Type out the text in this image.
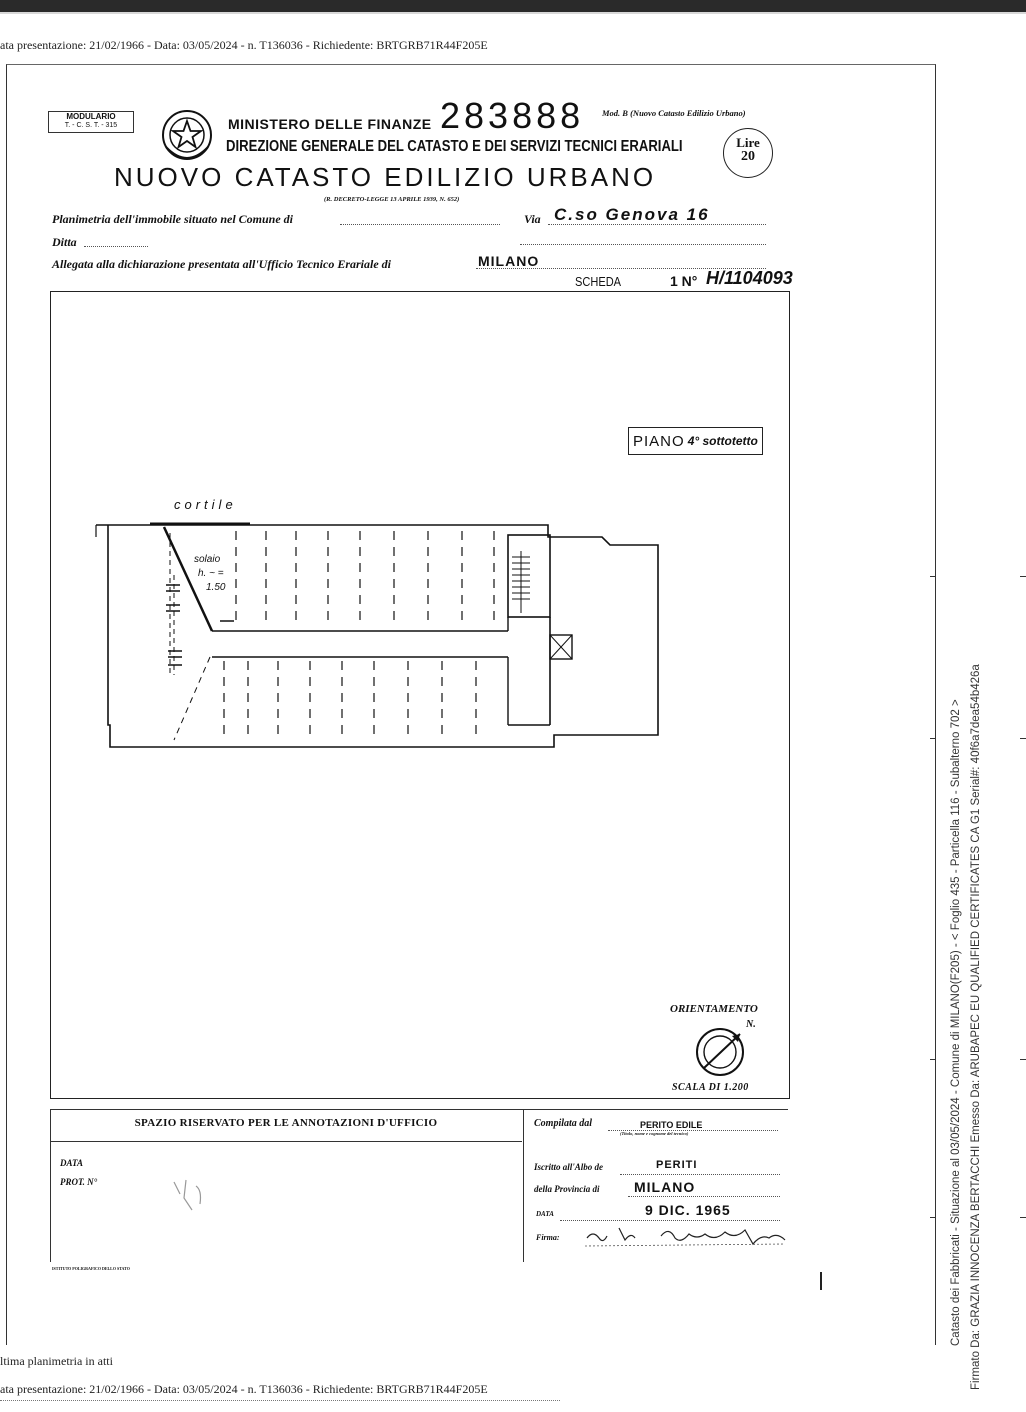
ata presentazione: 21/02/1966 - Data: 03/05/2024 - n. T136036 - Richiedente: BRTGRB71R44F205E
MODULARIO
T. - C. S. T. - 315	MINISTERO DELLE FINANZE 283888 Mod. B (Nuovo Catasto Edilizio Urbano)
DIREZIONE GENERALE DEL CATASTO E DEI SERVIZI TECNICI ERARIALI	Lire
20
NUOVO CATASTO EDILIZIO URBANO
(R. DECRETO-LEGGE 13 APRILE 1939, N. 652)
Planimetria dell'immobile situato nel Comune di	Via C.so Genova 16
Ditta
Allegata alla dichiarazione presentata all'Ufficio Tecnico Erariale di	MILANO
SCHEDA	1 N° H/1104093
PIANO 4° sottotetto
cortile
solaio
h. ~ =
1.50
ORIENTAMENTO
N.
SCALA DI 1.200
SPAZIO RISERVATO PER LE ANNOTAZIONI D'UFFICIO
DATA
PROT. N°
ISTITUTO POLIGRAFICO DELLO STATO
Compilata dal	PERITO EDILE
(Titolo, nome e cognome del tecnico)
Iscritto all'Albo de	PERITI
della Provincia di MILANO
DATA	9 DIC. 1965
Firma:
ltima planimetria in atti
ata presentazione: 21/02/1966 - Data: 03/05/2024 - n. T136036 - Richiedente: BRTGRB71R44F205E
Catasto dei Fabbricati - Situazione al 03/05/2024 - Comune di MILANO(F205) - < Foglio 435 - Particella 116 - Subalterno 702 > Firmato Da: GRAZIA INNOCENZA BERTACCHI Emesso Da: ARUBAPEC EU QUALIFIED CERTIFICATES CA G1 Serial#: 40f6a7dea54b426a
